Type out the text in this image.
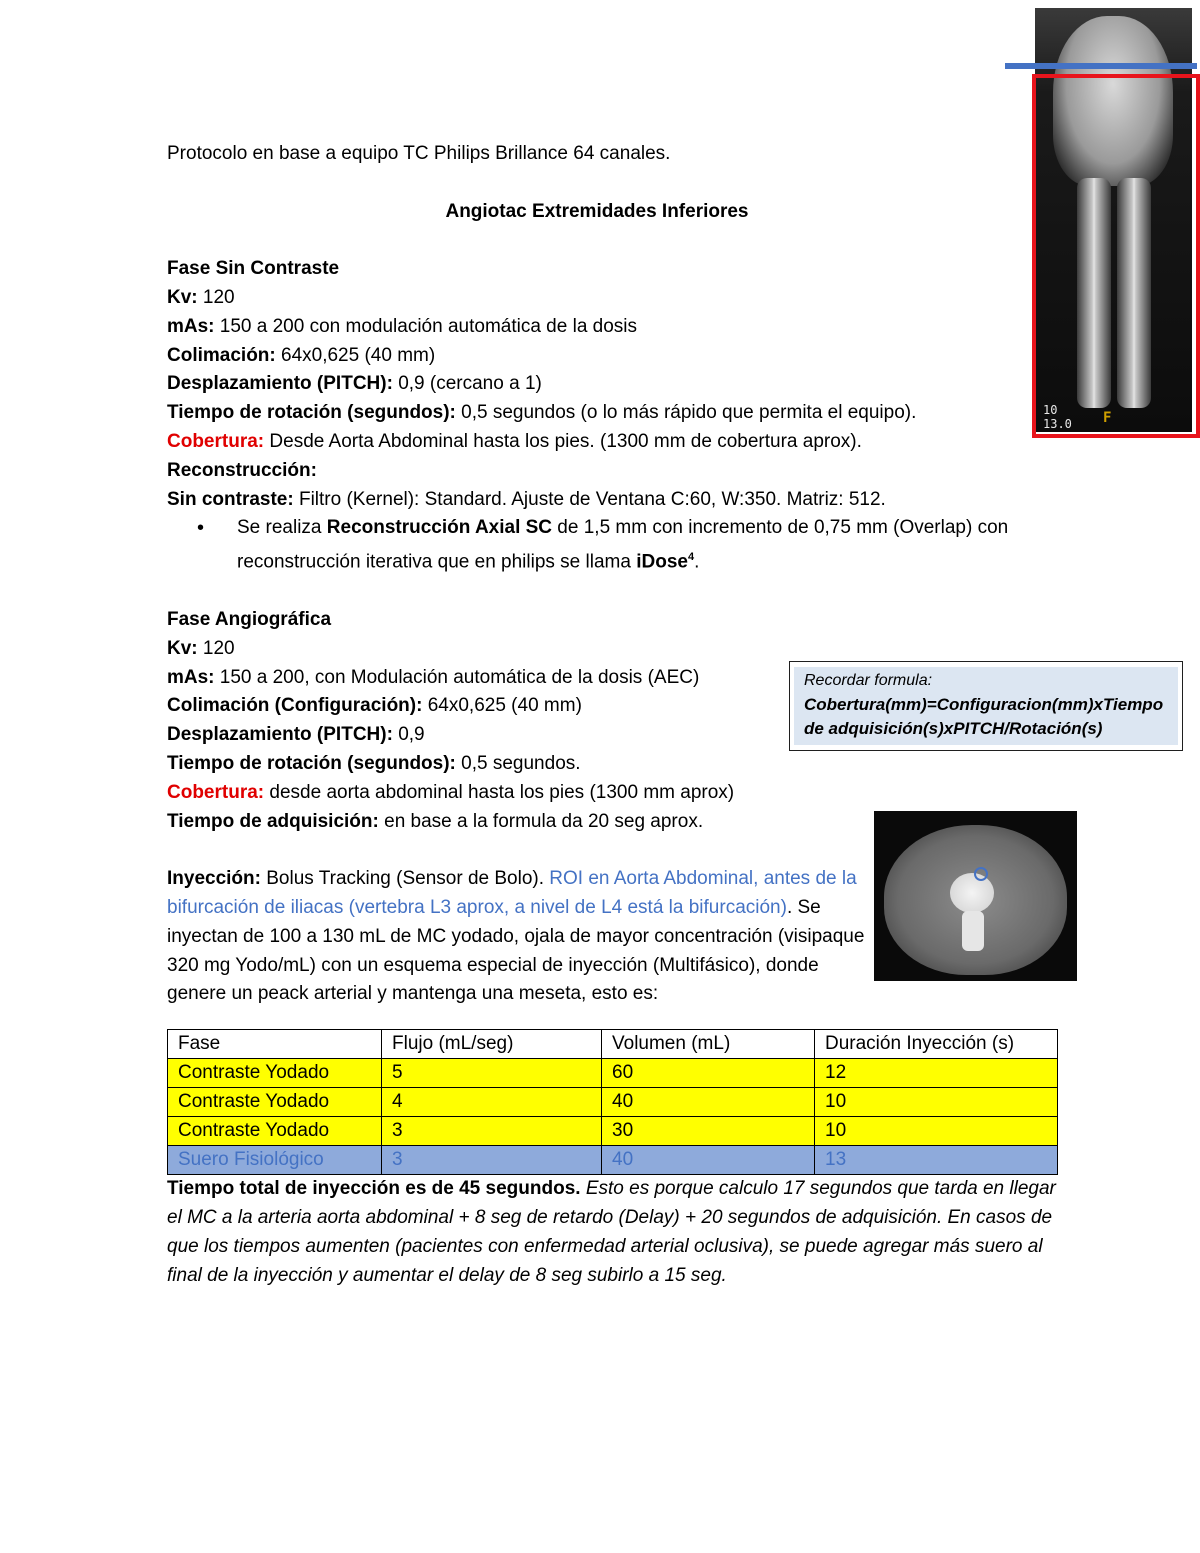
10
13.0 F

Protocolo en base a equipo TC Philips Brillance 64 canales.

Angiotac Extremidades Inferiores

Fase Sin Contraste

Kv: 120

mAs: 150 a 200 con modulación automática de la dosis

Colimación: 64x0,625 (40 mm)

Desplazamiento (PITCH): 0,9 (cercano a 1)

Tiempo de rotación (segundos): 0,5 segundos (o lo más rápido que permita el equipo).

Cobertura: Desde Aorta Abdominal hasta los pies. (1300 mm de cobertura aprox).

Reconstrucción:

Sin contraste: Filtro (Kernel): Standard. Ajuste de Ventana C:60, W:350. Matriz: 512.

• Se realiza Reconstrucción Axial SC de 1,5 mm con incremento de 0,75 mm (Overlap) con reconstrucción iterativa que en philips se llama iDose$^4$.

Fase Angiográfica

Kv: 120

mAs: 150 a 200, con Modulación automática de la dosis (AEC)

Colimación (Configuración): 64x0,625 (40 mm)

Desplazamiento (PITCH): 0,9

Tiempo de rotación (segundos): 0,5 segundos.

Cobertura: desde aorta abdominal hasta los pies (1300 mm aprox)

Tiempo de adquisición: en base a la formula da 20 seg aprox.

Inyección: Bolus Tracking (Sensor de Bolo). ROI en Aorta Abdominal, antes de la bifurcación de iliacas (vertebra L3 aprox, a nivel de L4 está la bifurcación). Se inyectan de 100 a 130 mL de MC yodado, ojala de mayor concentración (visipaque 320 mg Yodo/mL) con un esquema especial de inyección (Multifásico), donde genere un peack arterial y mantenga una meseta, esto es:

Fase	Flujo (mL/seg)	Volumen (mL)	Duración Inyección (s)
Contraste Yodado	5	60	12
Contraste Yodado	4	40	10
Contraste Yodado	3	30	10
Suero Fisiológico	3	40	13

Tiempo total de inyección es de 45 segundos. Esto es porque calculo 17 segundos que tarda en llegar el MC a la arteria aorta abdominal + 8 seg de retardo (Delay) + 20 segundos de adquisición. En casos de que los tiempos aumenten (pacientes con enfermedad arterial oclusiva), se puede agregar más suero al final de la inyección y aumentar el delay de 8 seg subirlo a 15 seg.

Recordar formula:
Cobertura(mm)=Configuracion(mm)xTiempo de adquisición(s)xPITCH/Rotación(s)
